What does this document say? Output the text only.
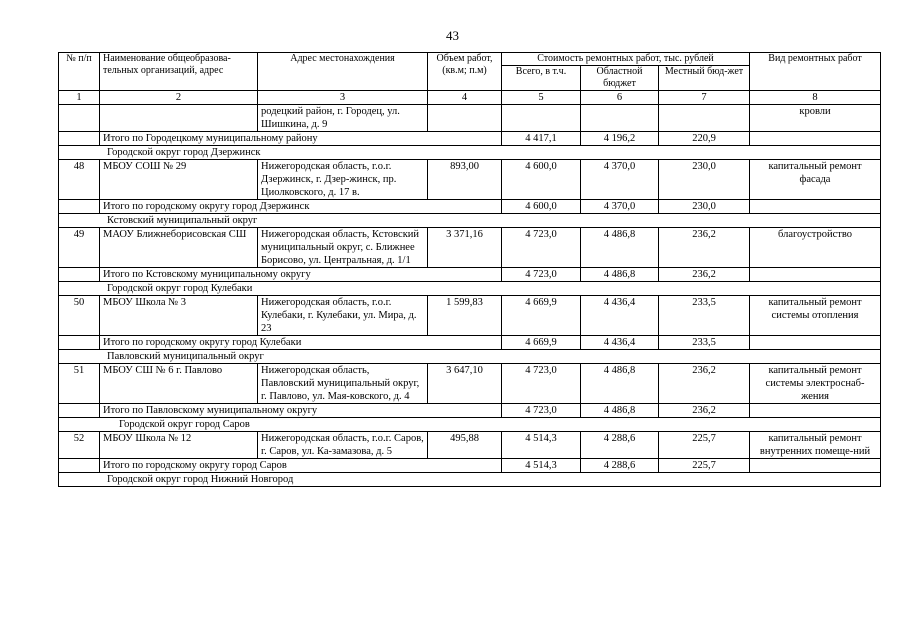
43
№ п/п	Наименование общеобразова-тельных организаций, адрес	Адрес местонахождения	Объем работ, (кв.м; п.м)	Стоимость ремонтных работ, тыс. рублей			Вид ремонтных работ
				Всего, в т.ч.	Областной бюджет	Местный бюд-жет	
1	2	3	4	5	6	7	8
		родецкий район, г. Городец, ул. Шишкина, д. 9					кровли
	Итого по Городецкому муниципальному району			4 417,1	4 196,2	220,9	
Городской округ город Дзержинск							
48	МБОУ СОШ № 29	Нижегородская область, г.о.г. Дзержинск, г. Дзер-жинск, пр. Циолковского, д. 17 в.	893,00	4 600,0	4 370,0	230,0	капитальный ремонт фасада
	Итого по городскому округу город Дзержинск			4 600,0	4 370,0	230,0	
Кстовский муниципальный округ							
49	МАОУ Ближнеборисовская СШ	Нижегородская область, Кстовский муниципальный округ, с. Ближнее Борисово, ул. Центральная, д. 1/1	3 371,16	4 723,0	4 486,8	236,2	благоустройство
	Итого по Кстовскому муниципальному округу			4 723,0	4 486,8	236,2	
Городской округ город Кулебаки							
50	МБОУ Школа № 3	Нижегородская область, г.о.г. Кулебаки, г. Кулебаки, ул. Мира, д. 23	1 599,83	4 669,9	4 436,4	233,5	капитальный ремонт системы отопления
	Итого по городскому округу город Кулебаки			4 669,9	4 436,4	233,5	
Павловский муниципальный округ							
51	МБОУ СШ № 6 г. Павлово	Нижегородская область, Павловский муниципальный округ, г. Павлово, ул. Мая-ковского, д. 4	3 647,10	4 723,0	4 486,8	236,2	капитальный ремонт системы электроснаб-жения
	Итого по Павловскому муниципальному округу			4 723,0	4 486,8	236,2	
Городской округ город Саров							
52	МБОУ Школа № 12	Нижегородская область, г.о.г. Саров, г. Саров, ул. Ка-замазова, д. 5	495,88	4 514,3	4 288,6	225,7	капитальный ремонт внутренних помеще-ний
	Итого по городскому округу город Саров			4 514,3	4 288,6	225,7	
Городской округ город Нижний Новгород							
